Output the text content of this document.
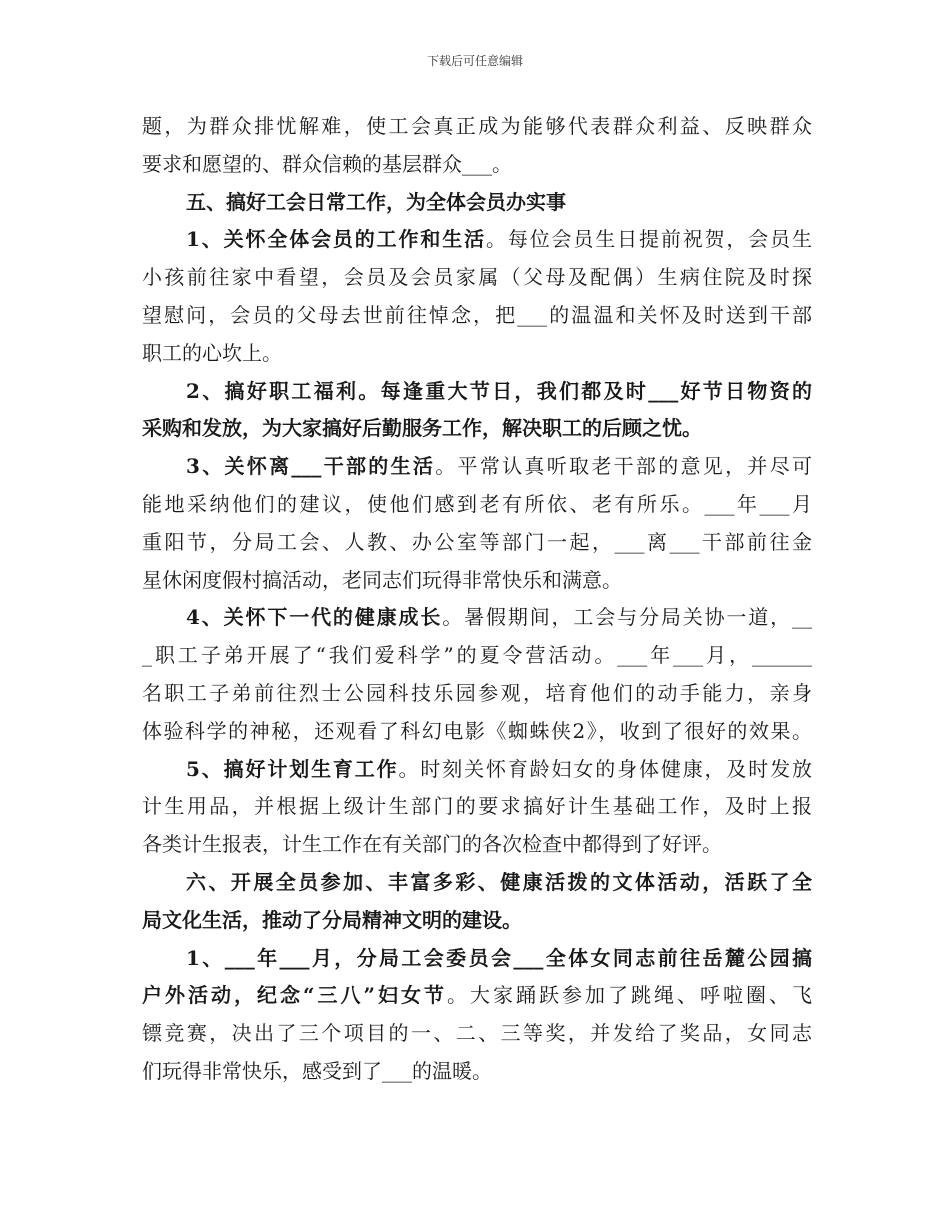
下载后可任意编辑
题，为群众排忧解难，使工会真正成为能够代表群众利益、反映群众
要求和愿望的、群众信赖的基层群众___。
五、搞好工会日常工作，为全体会员办实事
1、关怀全体会员的工作和生活。每位会员生日提前祝贺，会员生
小孩前往家中看望，会员及会员家属（父母及配偶）生病住院及时探
望慰问，会员的父母去世前往悼念，把___的温温和关怀及时送到干部
职工的心坎上。
2、搞好职工福利。每逢重大节日，我们都及时___好节日物资的
采购和发放，为大家搞好后勤服务工作，解决职工的后顾之忧。
3、关怀离___干部的生活。平常认真听取老干部的意见，并尽可
能地采纳他们的建议，使他们感到老有所依、老有所乐。___年___月
重阳节，分局工会、人教、办公室等部门一起，___离___干部前往金
星休闲度假村搞活动，老同志们玩得非常快乐和满意。
4、关怀下一代的健康成长。暑假期间，工会与分局关协一道，__
_职工子弟开展了“我们爱科学”的夏令营活动。___年___月，______
名职工子弟前往烈士公园科技乐园参观，培育他们的动手能力，亲身
体验科学的神秘，还观看了科幻电影《蜘蛛侠2》，收到了很好的效果。
5、搞好计划生育工作。时刻关怀育龄妇女的身体健康，及时发放
计生用品，并根据上级计生部门的要求搞好计生基础工作，及时上报
各类计生报表，计生工作在有关部门的各次检查中都得到了好评。
六、开展全员参加、丰富多彩、健康活拨的文体活动，活跃了全
局文化生活，推动了分局精神文明的建设。
1、___年___月，分局工会委员会___全体女同志前往岳麓公园搞
户外活动，纪念“三八”妇女节。大家踊跃参加了跳绳、呼啦圈、飞
镖竞赛，决出了三个项目的一、二、三等奖，并发给了奖品，女同志
们玩得非常快乐，感受到了___的温暖。
